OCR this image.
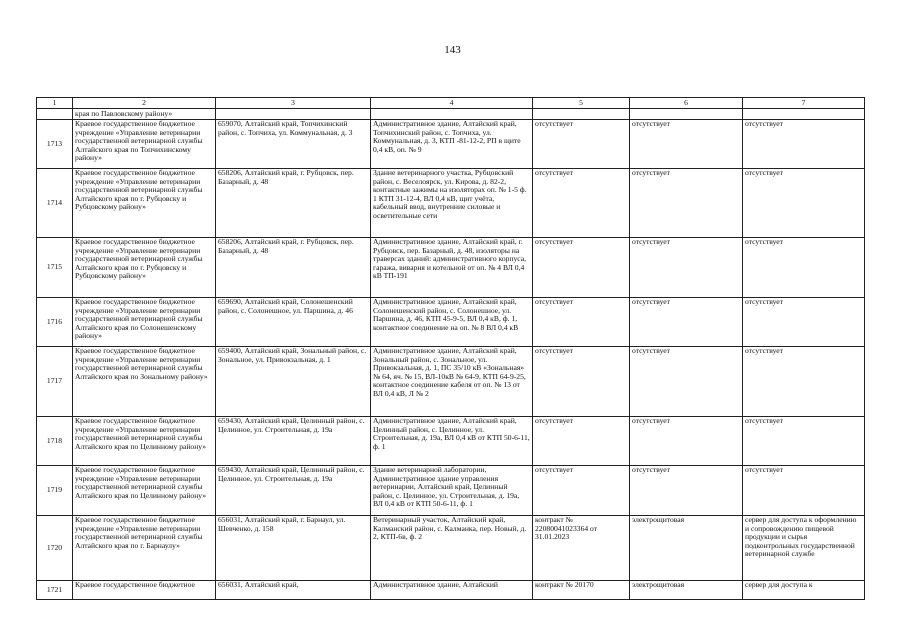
143
1	2	3	4	5	6	7
	края по Павловскому району»					
1713	Краевое государственное бюджетное учреждение «Управление ветеринарии государственной ветеринарной службы Алтайского края по Топчихинскому району»	659070, Алтайский край, Топчихинский район, с. Топчиха, ул. Коммунальная, д. 3	Административное здание, Алтайский край, Топчихинский район, с. Топчиха, ул. Коммунальная, д. 3, КТП -81-12-2, РП в щите 0,4 кВ, оп. № 9	отсутствует	отсутствует	отсутствует
1714	Краевое государственное бюджетное учреждение «Управление ветеринарии государственной ветеринарной службы Алтайского края по г. Рубцовску и Рубцовскому району»	658206, Алтайский край, г. Рубцовск, пер. Базарный, д. 48	Здание ветеринарного участка, Рубцовский район, с. Веселоярск, ул. Кирова, д. 82-2, контактные зажимы на изоляторах оп. № 1-5 ф. 1 КТП 31-12-4, ВЛ 0,4 кВ, щит учёта, кабельный ввод, внутренние силовые и осветительные сети	отсутствует	отсутствует	отсутствует
1715	Краевое государственное бюджетное учреждение «Управление ветеринарии государственной ветеринарной службы Алтайского края по г. Рубцовску и Рубцовскому району»	658206, Алтайский край, г. Рубцовск, пер. Базарный, д. 48	Административное здание, Алтайский край, г. Рубцовск, пер. Базарный, д. 48, изоляторы на траверсах зданий: административного корпуса, гаража, виварня и котельной от оп. № 4 ВЛ 0,4 кВ ТП-191	отсутствует	отсутствует	отсутствует
1716	Краевое государственное бюджетное учреждение «Управление ветеринарии государственной ветеринарной службы Алтайского края по Солонешенскому району»	659690, Алтайский край, Солонешенский район, с. Солонешное, ул. Паршина, д. 46	Административное здание, Алтайский край, Солонешенский район, с. Солонешное, ул. Паршина, д. 46, КТП 45-9-5, ВЛ 0,4 кВ, ф. 1, контактное соединение на оп. № 8 ВЛ 0,4 кВ	отсутствует	отсутствует	отсутствует
1717	Краевое государственное бюджетное учреждение «Управление ветеринарии государственной ветеринарной службы Алтайского края по Зональному району»	659400, Алтайский край, Зональный район, с. Зональное, ул. Привокзальная, д. 1	Административное здание, Алтайский край, Зональный район, с. Зональное, ул. Привокзальная, д. 1, ПС 35/10 кВ «Зональная» № 64, яч. № 15, ВЛ-10кВ № 64-9, КТП 64-9-25, контактное соединение кабеля от оп. № 13 от ВЛ 0,4 кВ, Л № 2	отсутствует	отсутствует	отсутствует
1718	Краевое государственное бюджетное учреждение «Управление ветеринарии государственной ветеринарной службы Алтайского края по Целинному району»	659430, Алтайский край, Целинный район, с. Целинное, ул. Строительная, д. 19а	Административное здание, Алтайский край, Целинный район, с. Целинное, ул. Строительная, д. 19а, ВЛ 0,4 кВ от КТП 50-6-11, ф. 1	отсутствует	отсутствует	отсутствует
1719	Краевое государственное бюджетное учреждение «Управление ветеринарии государственной ветеринарной службы Алтайского края по Целинному району»	659430, Алтайский край, Целинный район, с. Целинное, ул. Строительная, д. 19а	Здание ветеринарной лаборатории, Административное здание управления ветеринарии, Алтайский край, Целинный район, с. Целинное, ул. Строительная, д. 19а, ВЛ 0,4 кВ от КТП 50-6-11, ф. 1	отсутствует	отсутствует	отсутствует
1720	Краевое государственное бюджетное учреждение «Управление ветеринарии государственной ветеринарной службы Алтайского края по г. Барнаулу»	656031, Алтайский край, г. Барнаул, ул. Шевченко, д. 158	Ветеринарный участок, Алтайский край, Калманский район, с. Калманка, пер. Новый, д. 2, КТП-6в, ф. 2	контракт № 22080041023364 от 31.01.2023	электрощитовая	сервер для доступа к оформлению и сопровождению пищевой продукции и сырья подконтрольных государственной ветеринарной службе
1721	Краевое государственное бюджетное	656031, Алтайский край,	Административное здание, Алтайский	контракт № 20170	электрощитовая	сервер для доступа к
